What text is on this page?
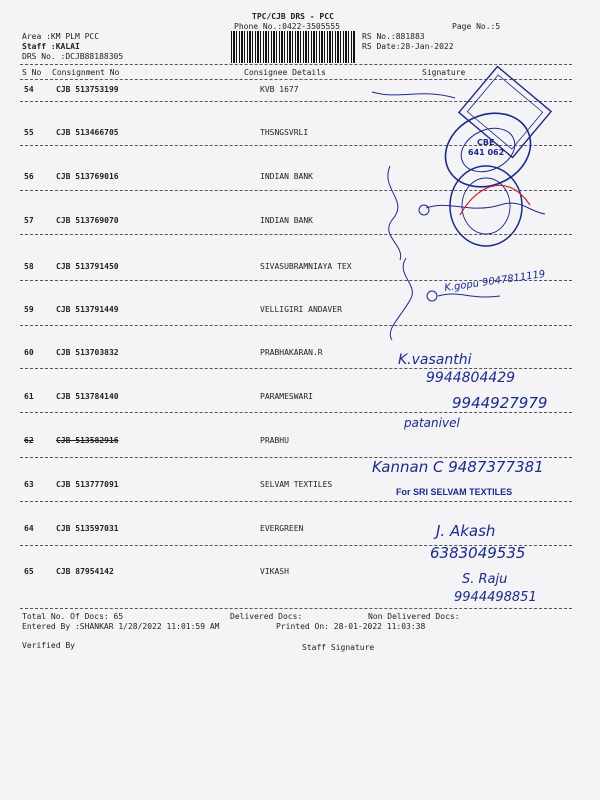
TPC/CJB DRS - PCC
Phone No.:0422-3505555	Page No.:5
Area :KM PLM PCC
Staff :KALAI
DRS No. :DCJB88188305
RS No.:881883
RS Date:28-Jan-2022
S No Consignment No	Consignee Details	Signature
54	CJB 513753199	KVB 1677
55	CJB 513466705	THSNGSVRLI
56	CJB 513769016	INDIAN BANK
57	CJB 513769070	INDIAN BANK
58	CJB 513791450	SIVASUBRAMNIAYA TEX
59	CJB 513791449	VELLIGIRI ANDAVER
60	CJB 513703832	PRABHAKARAN.R
61	CJB 513784140	PARAMESWARI
62	CJB 513582916	PRABHU
63	CJB 513777091	SELVAM TEXTILES
64	CJB 513597031	EVERGREEN
65	CJB 87954142	VIKASH
Total No. Of Docs: 65	Delivered Docs:	Non Delivered Docs:
Entered By :SHANKAR 1/28/2022 11:01:59 AM	Printed On: 28-01-2022 11:03:38
Verified By	Staff Signature
CBE
641 062
For SRI SELVAM TEXTILES
K.gopu 9047811119
K.vasanthi
9944804429
9944927979
patanivel
Kannan C 9487377381
J. Akash
6383049535
S. Raju
9944498851
